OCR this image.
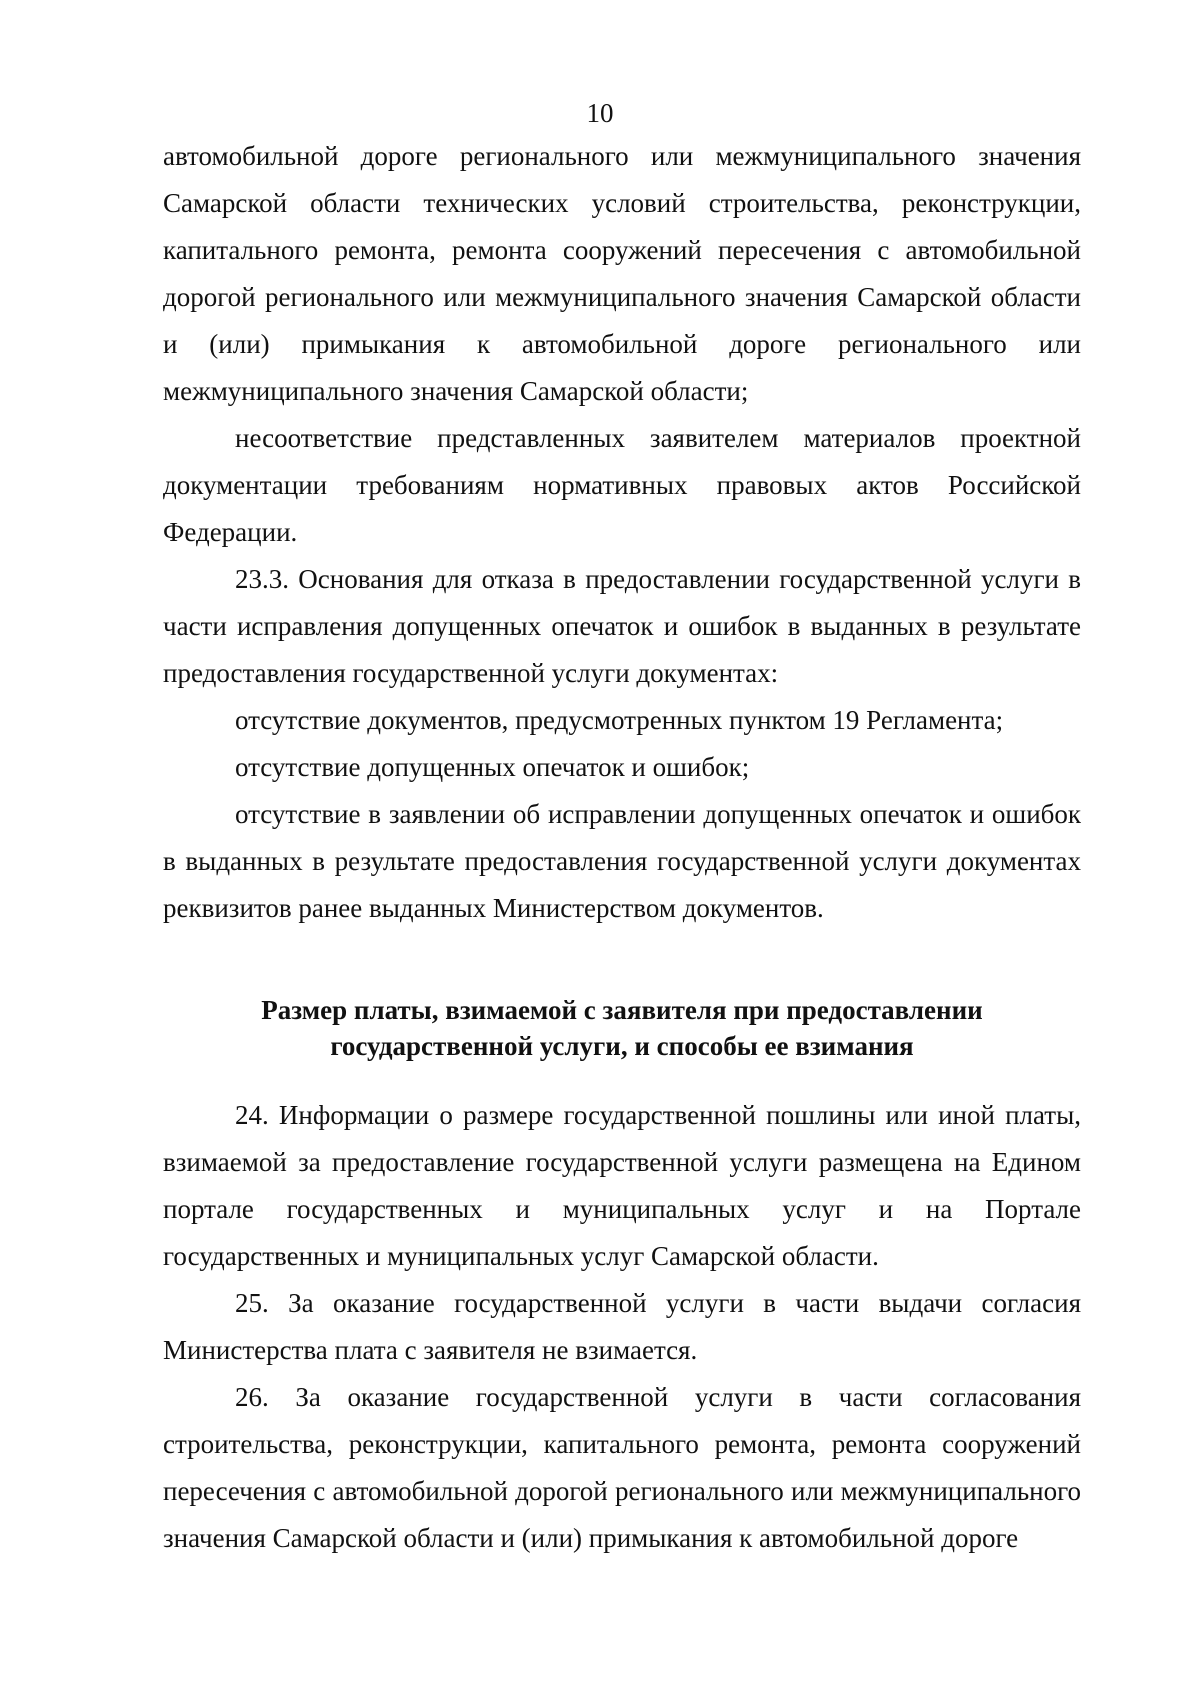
10

автомобильной дороге регионального или межмуниципального значения Самарской области технических условий строительства, реконструкции, капитального ремонта, ремонта сооружений пересечения с автомобильной дорогой регионального или межмуниципального значения Самарской области и (или) примыкания к автомобильной дороге регионального или межмуниципального значения Самарской области;

несоответствие представленных заявителем материалов проектной документации требованиям нормативных правовых актов Российской Федерации.

23.3. Основания для отказа в предоставлении государственной услуги в части исправления допущенных опечаток и ошибок в выданных в результате предоставления государственной услуги документах:

отсутствие документов, предусмотренных пунктом 19 Регламента;

отсутствие допущенных опечаток и ошибок;

отсутствие в заявлении об исправлении допущенных опечаток и ошибок в выданных в результате предоставления государственной услуги документах реквизитов ранее выданных Министерством документов.

Размер платы, взимаемой с заявителя при предоставлении
государственной услуги, и способы ее взимания

24. Информации о размере государственной пошлины или иной платы, взимаемой за предоставление государственной услуги размещена на Едином портале государственных и муниципальных услуг и на Портале государственных и муниципальных услуг Самарской области.

25. За оказание государственной услуги в части выдачи согласия Министерства плата с заявителя не взимается.

26. За оказание государственной услуги в части согласования строительства, реконструкции, капитального ремонта, ремонта сооружений пересечения с автомобильной дорогой регионального или межмуниципального значения Самарской области и (или) примыкания к автомобильной дороге
